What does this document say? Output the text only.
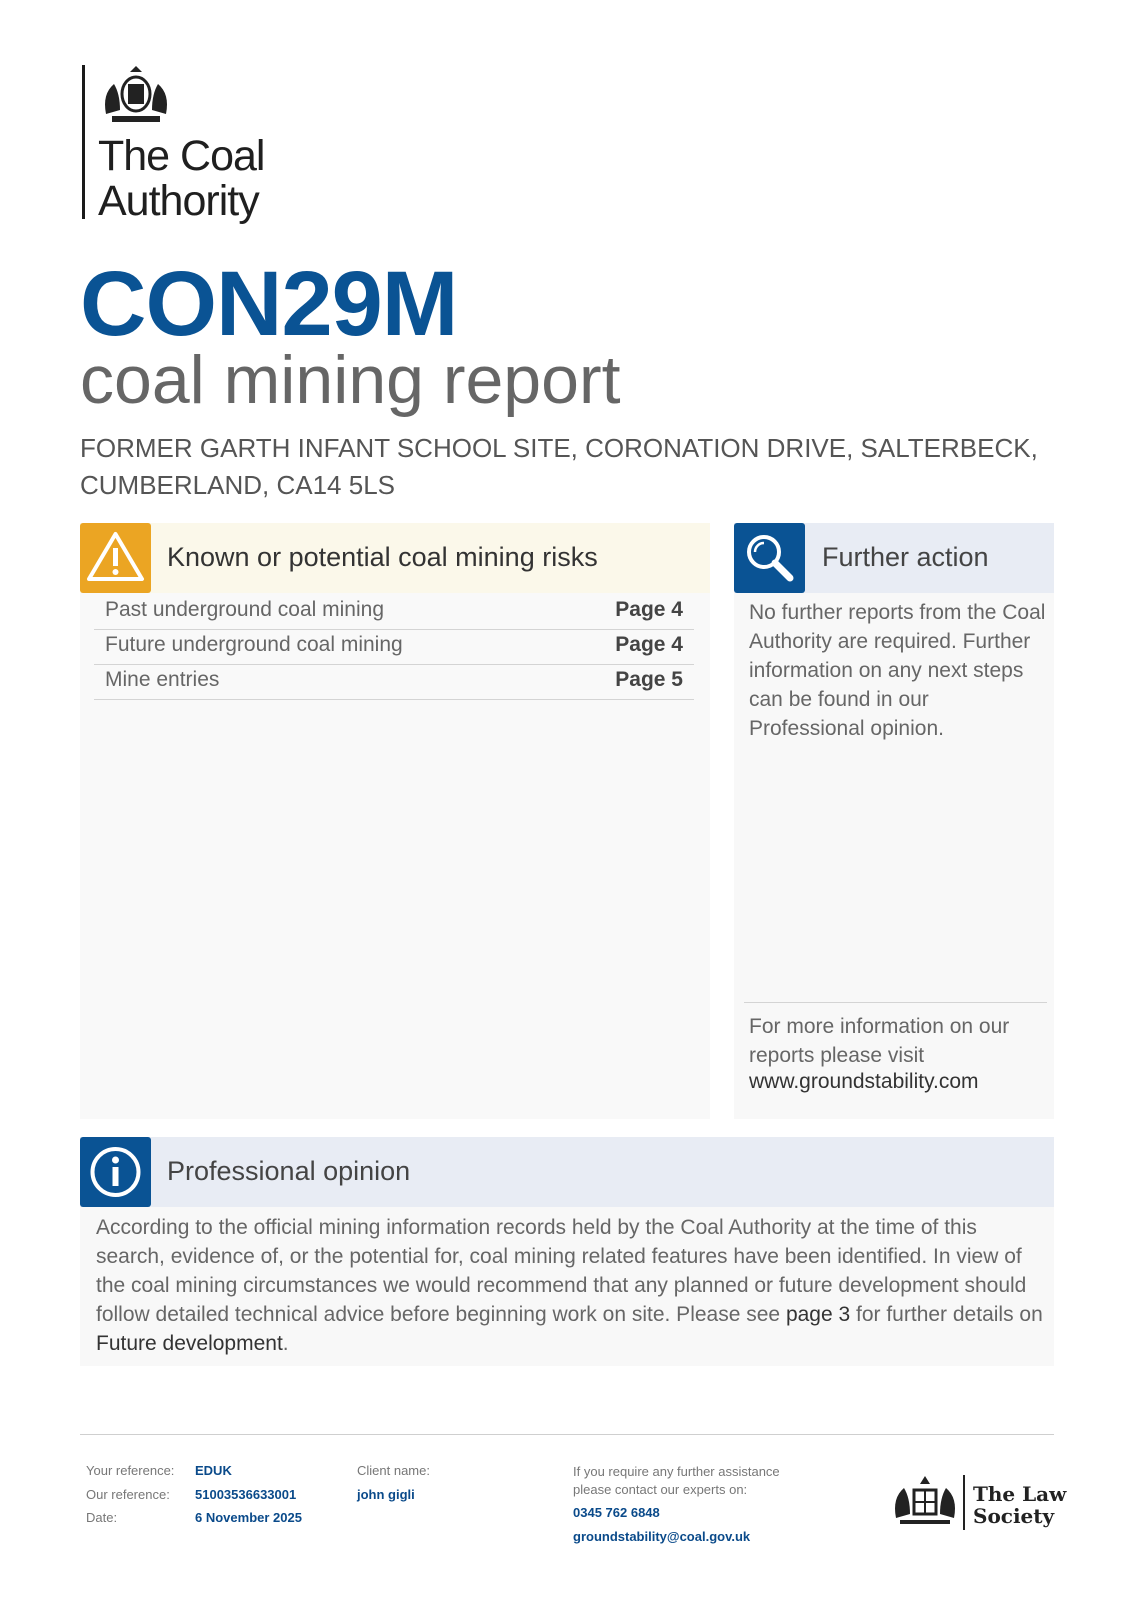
The Coal
Authority
CON29M
coal mining report
FORMER GARTH INFANT SCHOOL SITE, CORONATION DRIVE, SALTERBECK, CUMBERLAND, CA14 5LS
Known or potential coal mining risks
Past underground coal mining	Page 4
Future underground coal mining	Page 4
Mine entries	Page 5
Further action
No further reports from the Coal Authority are required. Further information on any next steps can be found in our Professional opinion.
For more information on our reports please visit
www.groundstability.com
Professional opinion
According to the official mining information records held by the Coal Authority at the time of this search, evidence of, or the potential for, coal mining related features have been identified. In view of the coal mining circumstances we would recommend that any planned or future development should follow detailed technical advice before beginning work on site. Please see page 3 for further details on Future development.
Your reference: EDUK
Our reference: 51003536633001
Date:	6 November 2025
Client name:
john gigli
If you require any further assistance please contact our experts on:
0345 762 6848
groundstability@coal.gov.uk
The Law
Society
